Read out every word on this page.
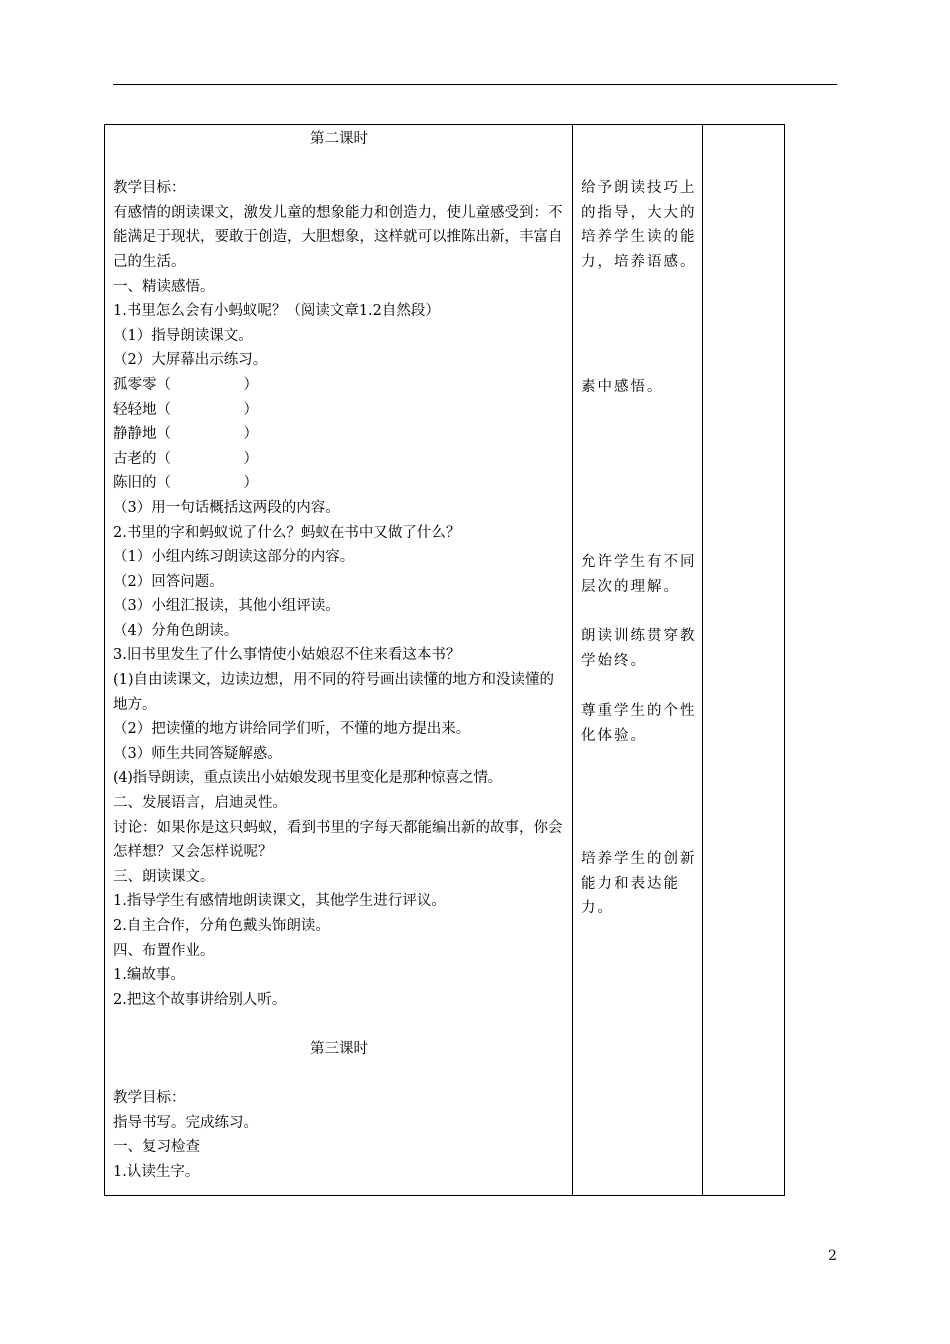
第二课时
教学目标：
有感情的朗读课文，激发儿童的想象能力和创造力，使儿童感受到：不能满足于现状，要敢于创造，大胆想象，这样就可以推陈出新，丰富自己的生活。
一、精读感悟。
1.书里怎么会有小蚂蚁呢？（阅读文章1.2自然段）
（1）指导朗读课文。
（2）大屏幕出示练习。
孤零零（　　　　　）
轻轻地（　　　　　）
静静地（　　　　　）
古老的（　　　　　）
陈旧的（　　　　　）
（3）用一句话概括这两段的内容。
2.书里的字和蚂蚁说了什么？蚂蚁在书中又做了什么？
（1）小组内练习朗读这部分的内容。
（2）回答问题。
（3）小组汇报读，其他小组评读。
（4）分角色朗读。
3.旧书里发生了什么事情使小姑娘忍不住来看这本书？
(1)自由读课文，边读边想，用不同的符号画出读懂的地方和没读懂的地方。
（2）把读懂的地方讲给同学们听，不懂的地方提出来。
（3）师生共同答疑解惑。
(4)指导朗读，重点读出小姑娘发现书里变化是那种惊喜之情。
二、发展语言，启迪灵性。
讨论：如果你是这只蚂蚁，看到书里的字每天都能编出新的故事，你会怎样想？又会怎样说呢？
三、朗读课文。
1.指导学生有感情地朗读课文，其他学生进行评议。
2.自主合作，分角色戴头饰朗读。
四、布置作业。
1.编故事。
2.把这个故事讲给别人听。
第三课时
教学目标：
指导书写。完成练习。
一、复习检查
1.认读生字。
给予朗读技巧上的指导，大大的培养学生读的能力，培养语感。
素中感悟。
允许学生有不同层次的理解。
朗读训练贯穿教学始终。
尊重学生的个性化体验。
培养学生的创新能力和表达能力。
2
